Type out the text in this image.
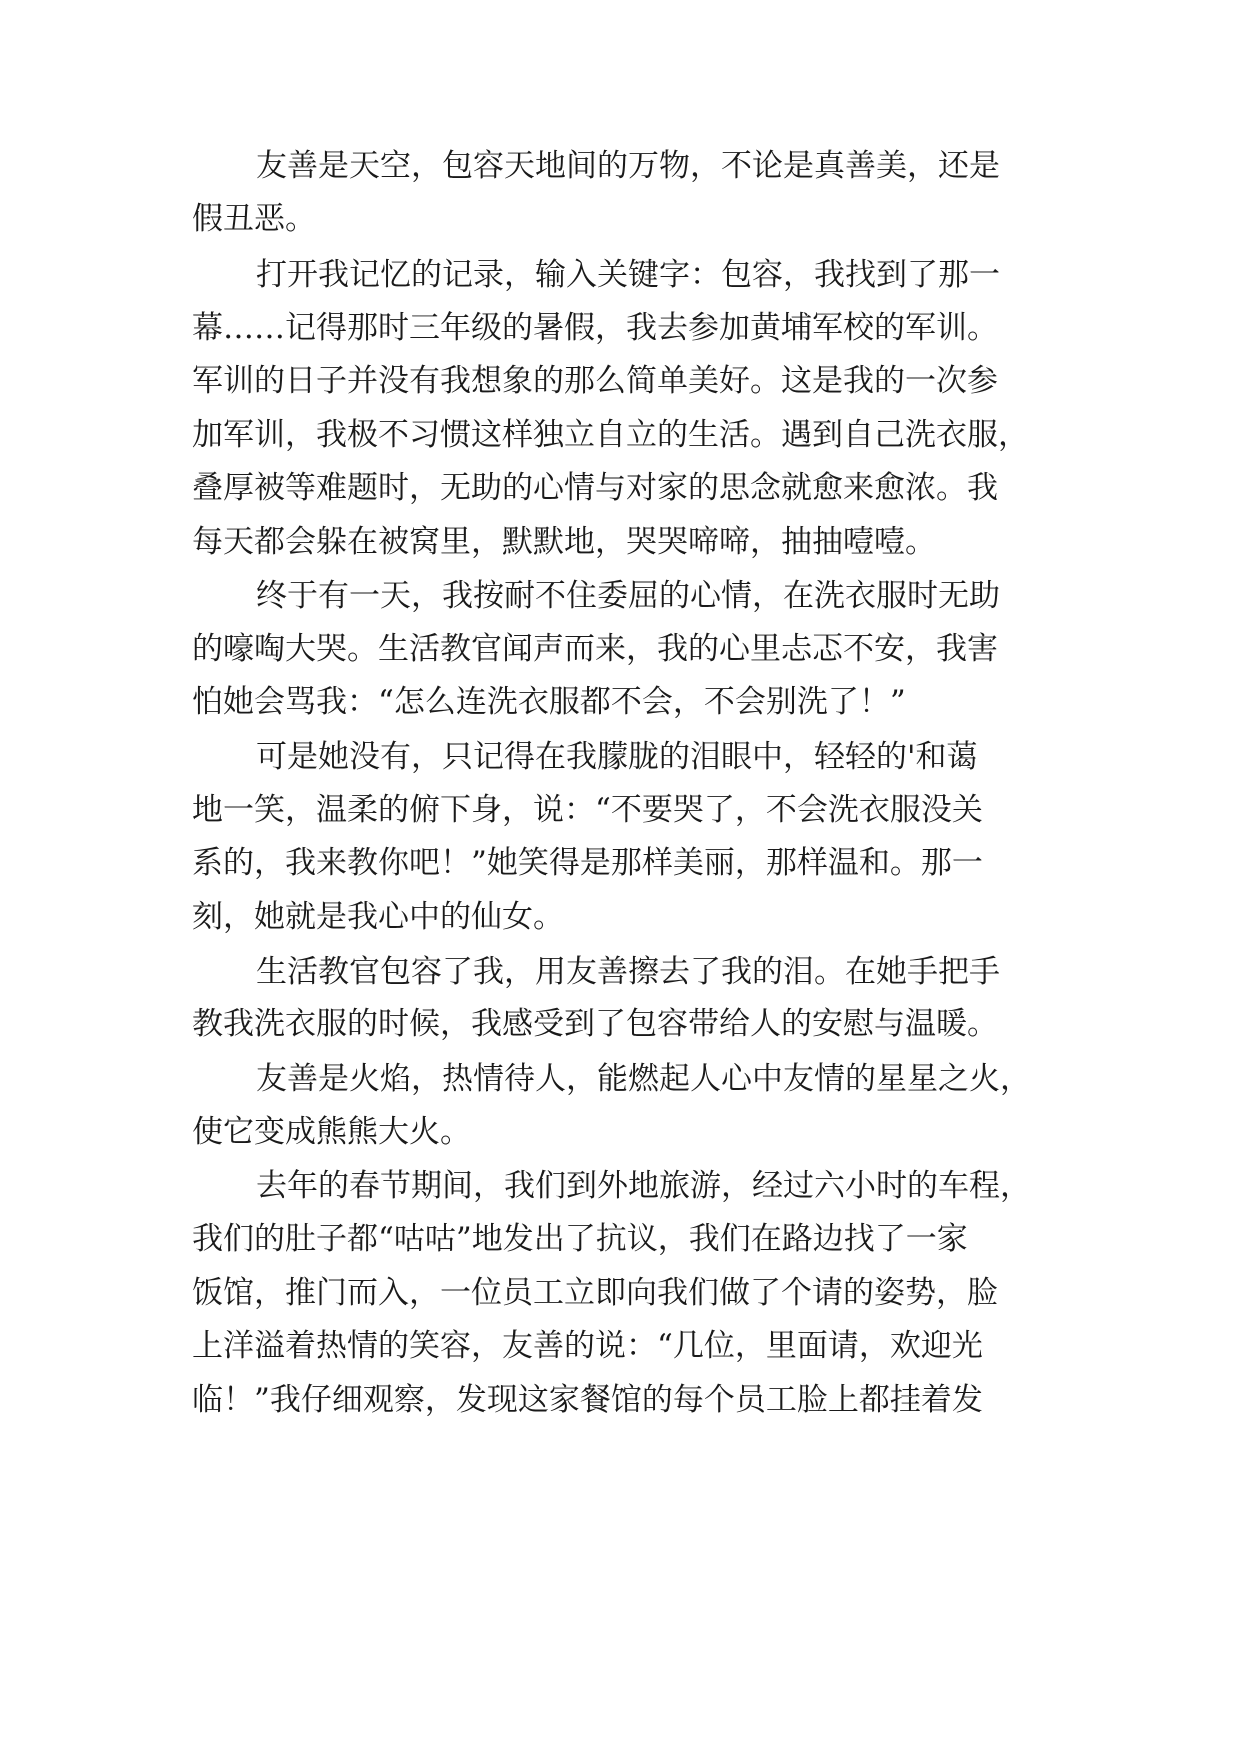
友善是天空，包容天地间的万物，不论是真善美，还是
假丑恶。
打开我记忆的记录，输入关键字：包容，我找到了那一
幕……记得那时三年级的暑假，我去参加黄埔军校的军训。
军训的日子并没有我想象的那么简单美好。这是我的一次参
加军训，我极不习惯这样独立自立的生活。遇到自己洗衣服，
叠厚被等难题时，无助的心情与对家的思念就愈来愈浓。我
每天都会躲在被窝里，默默地，哭哭啼啼，抽抽噎噎。
终于有一天，我按耐不住委屈的心情，在洗衣服时无助
的嚎啕大哭。生活教官闻声而来，我的心里忐忑不安，我害
怕她会骂我：“怎么连洗衣服都不会，不会别洗了！”
可是她没有，只记得在我朦胧的泪眼中，轻轻的'和蔼
地一笑，温柔的俯下身，说：“不要哭了，不会洗衣服没关
系的，我来教你吧！”她笑得是那样美丽，那样温和。那一
刻，她就是我心中的仙女。
生活教官包容了我，用友善擦去了我的泪。在她手把手
教我洗衣服的时候，我感受到了包容带给人的安慰与温暖。
友善是火焰，热情待人，能燃起人心中友情的星星之火，
使它变成熊熊大火。
去年的春节期间，我们到外地旅游，经过六小时的车程，
我们的肚子都“咕咕”地发出了抗议，我们在路边找了一家
饭馆，推门而入，一位员工立即向我们做了个请的姿势，脸
上洋溢着热情的笑容，友善的说：“几位，里面请，欢迎光
临！”我仔细观察，发现这家餐馆的每个员工脸上都挂着发
